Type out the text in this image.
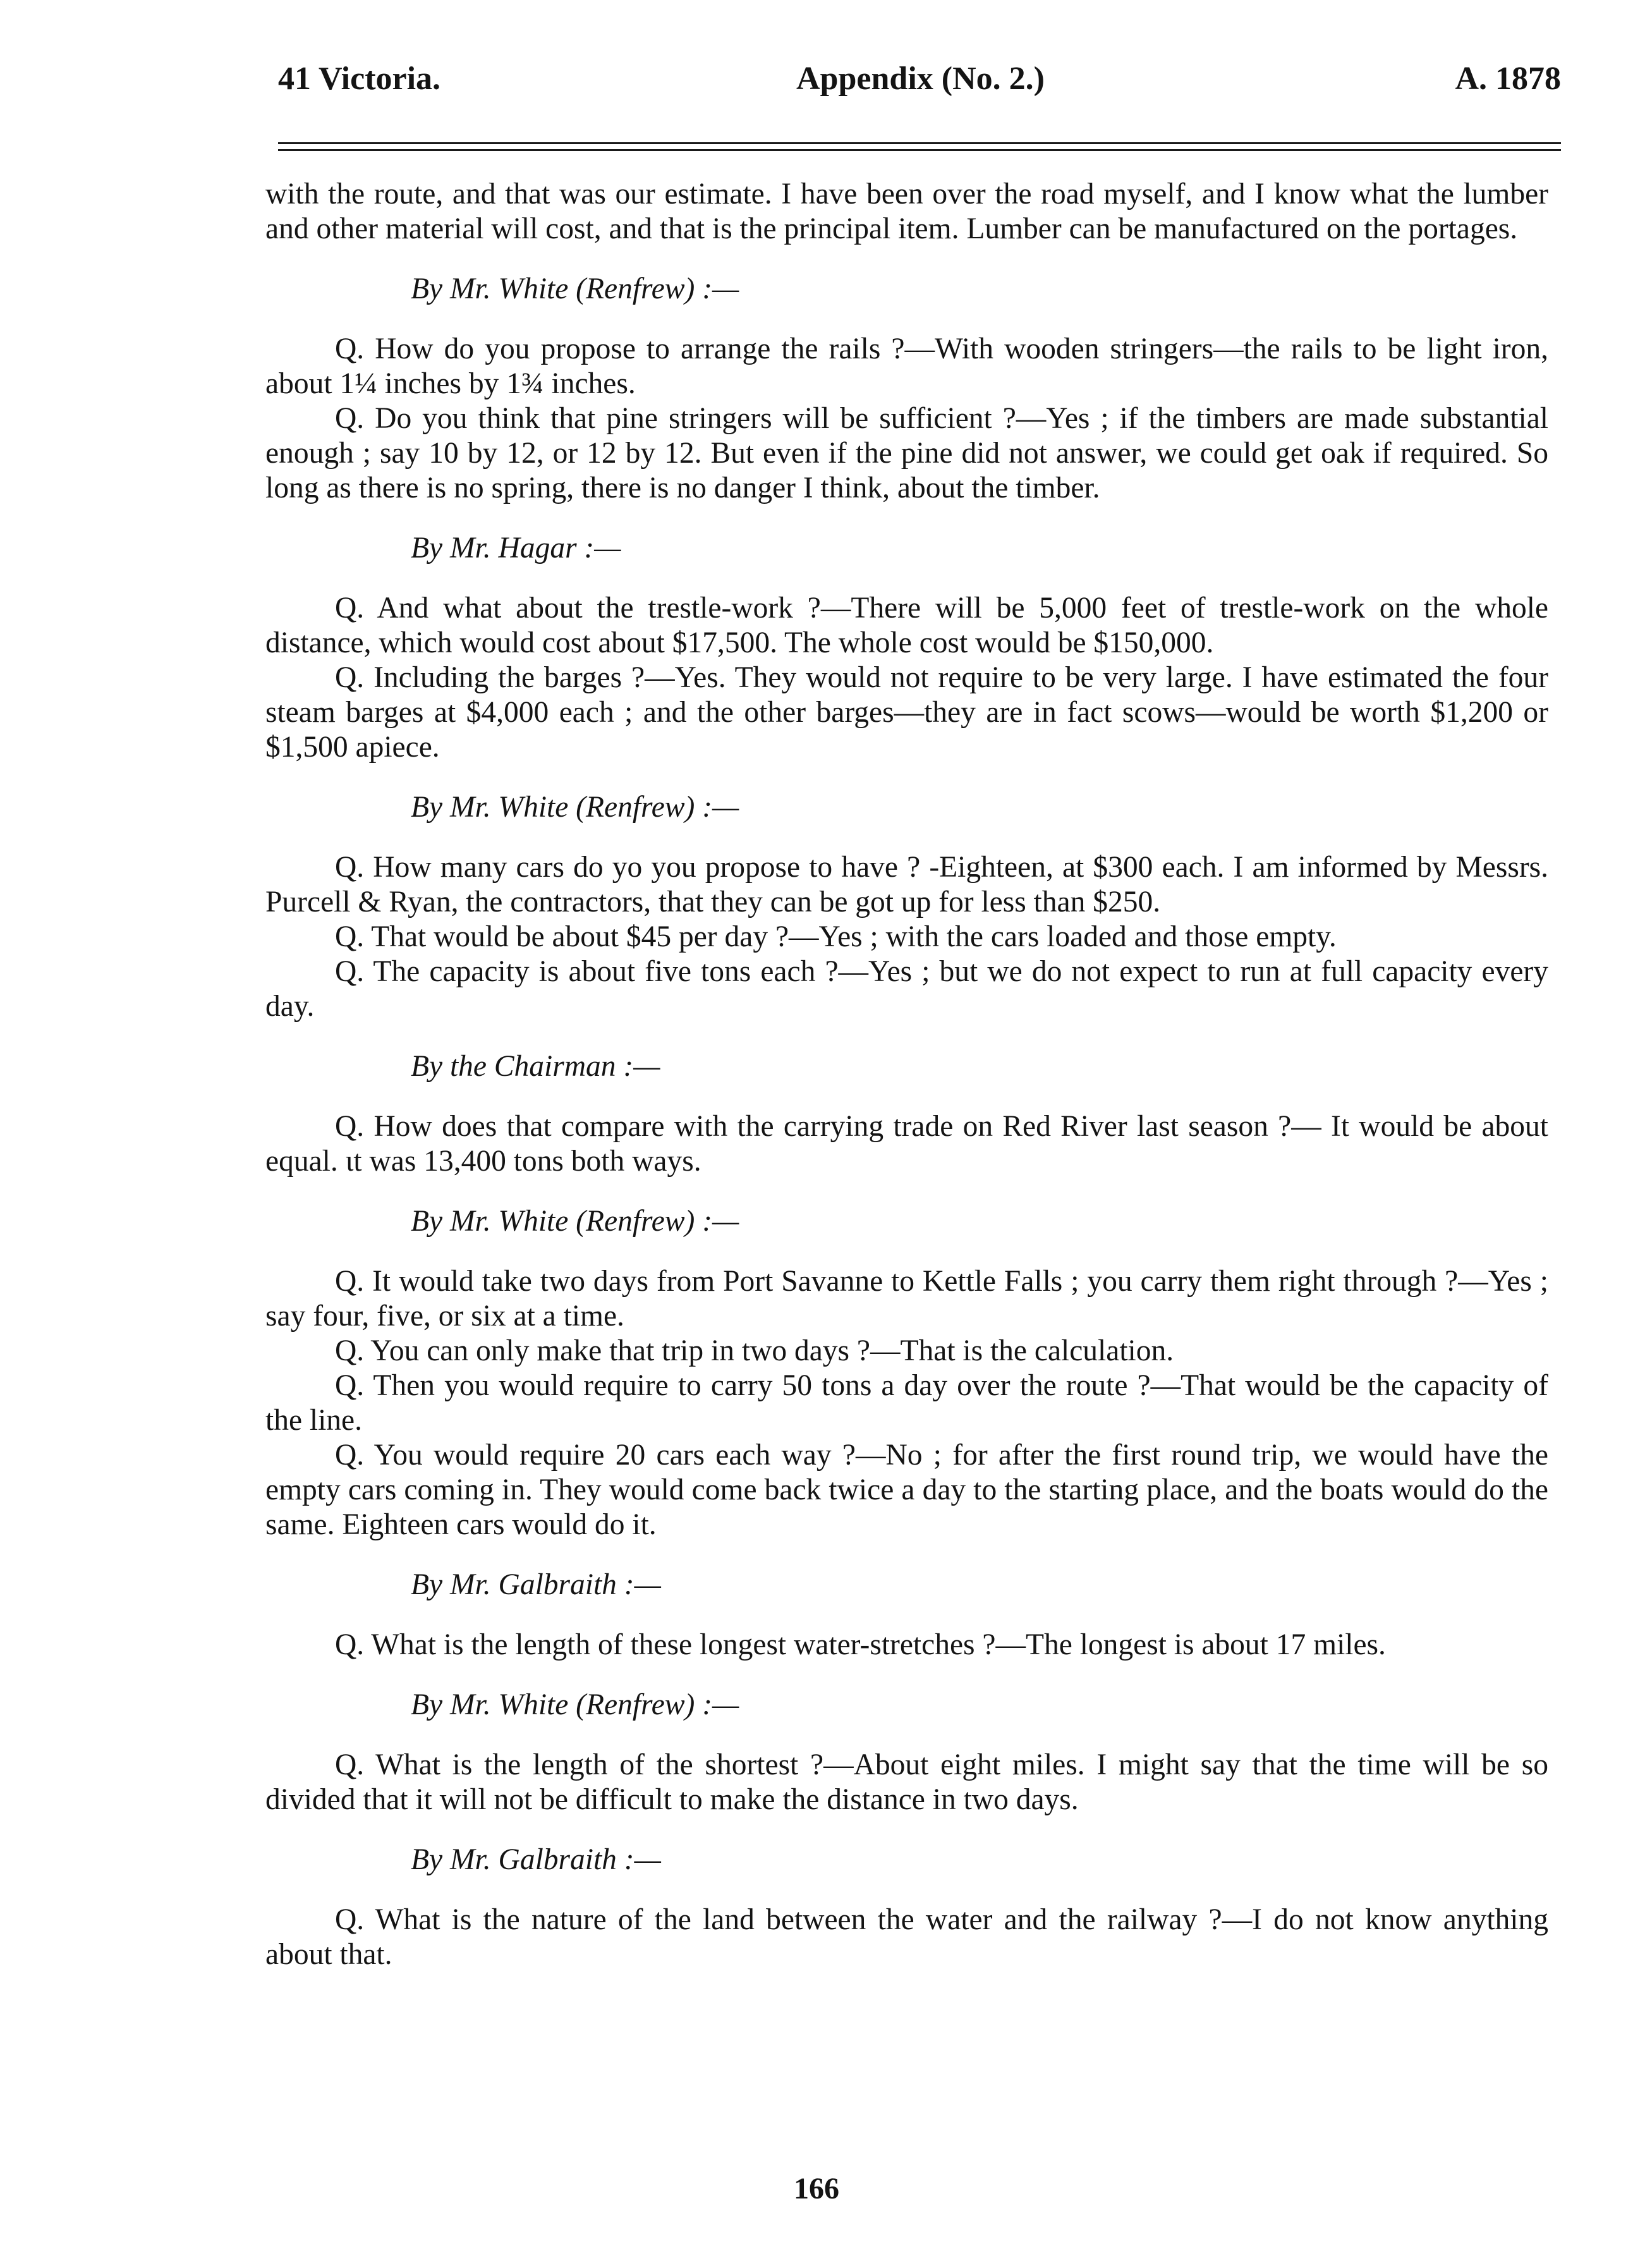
41 Victoria.	Appendix (No. 2.)	A. 1878

with the route, and that was our estimate. I have been over the road myself, and I know what the lumber and other material will cost, and that is the principal item. Lumber can be manufactured on the portages.

By Mr. White (Renfrew) :—

Q. How do you propose to arrange the rails ?—With wooden stringers—the rails to be light iron, about 1¼ inches by 1¾ inches.

Q. Do you think that pine stringers will be sufficient ?—Yes ; if the timbers are made substantial enough ; say 10 by 12, or 12 by 12. But even if the pine did not answer, we could get oak if required. So long as there is no spring, there is no danger I think, about the timber.

By Mr. Hagar :—

Q. And what about the trestle-work ?—There will be 5,000 feet of trestle-work on the whole distance, which would cost about $17,500. The whole cost would be $150,000.

Q. Including the barges ?—Yes. They would not require to be very large. I have estimated the four steam barges at $4,000 each ; and the other barges—they are in fact scows—would be worth $1,200 or $1,500 apiece.

By Mr. White (Renfrew) :—

Q. How many cars do yo you propose to have ? -Eighteen, at $300 each. I am informed by Messrs. Purcell & Ryan, the contractors, that they can be got up for less than $250.

Q. That would be about $45 per day ?—Yes ; with the cars loaded and those empty.

Q. The capacity is about five tons each ?—Yes ; but we do not expect to run at full capacity every day.

By the Chairman :—

Q. How does that compare with the carrying trade on Red River last season ?— It would be about equal. ιt was 13,400 tons both ways.

By Mr. White (Renfrew) :—

Q. It would take two days from Port Savanne to Kettle Falls ; you carry them right through ?—Yes ; say four, five, or six at a time.

Q. You can only make that trip in two days ?—That is the calculation.

Q. Then you would require to carry 50 tons a day over the route ?—That would be the capacity of the line.

Q. You would require 20 cars each way ?—No ; for after the first round trip, we would have the empty cars coming in. They would come back twice a day to the starting place, and the boats would do the same. Eighteen cars would do it.

By Mr. Galbraith :—

Q. What is the length of these longest water-stretches ?—The longest is about 17 miles.

By Mr. White (Renfrew) :—

Q. What is the length of the shortest ?—About eight miles. I might say that the time will be so divided that it will not be difficult to make the distance in two days.

By Mr. Galbraith :—

Q. What is the nature of the land between the water and the railway ?—I do not know anything about that.

166
